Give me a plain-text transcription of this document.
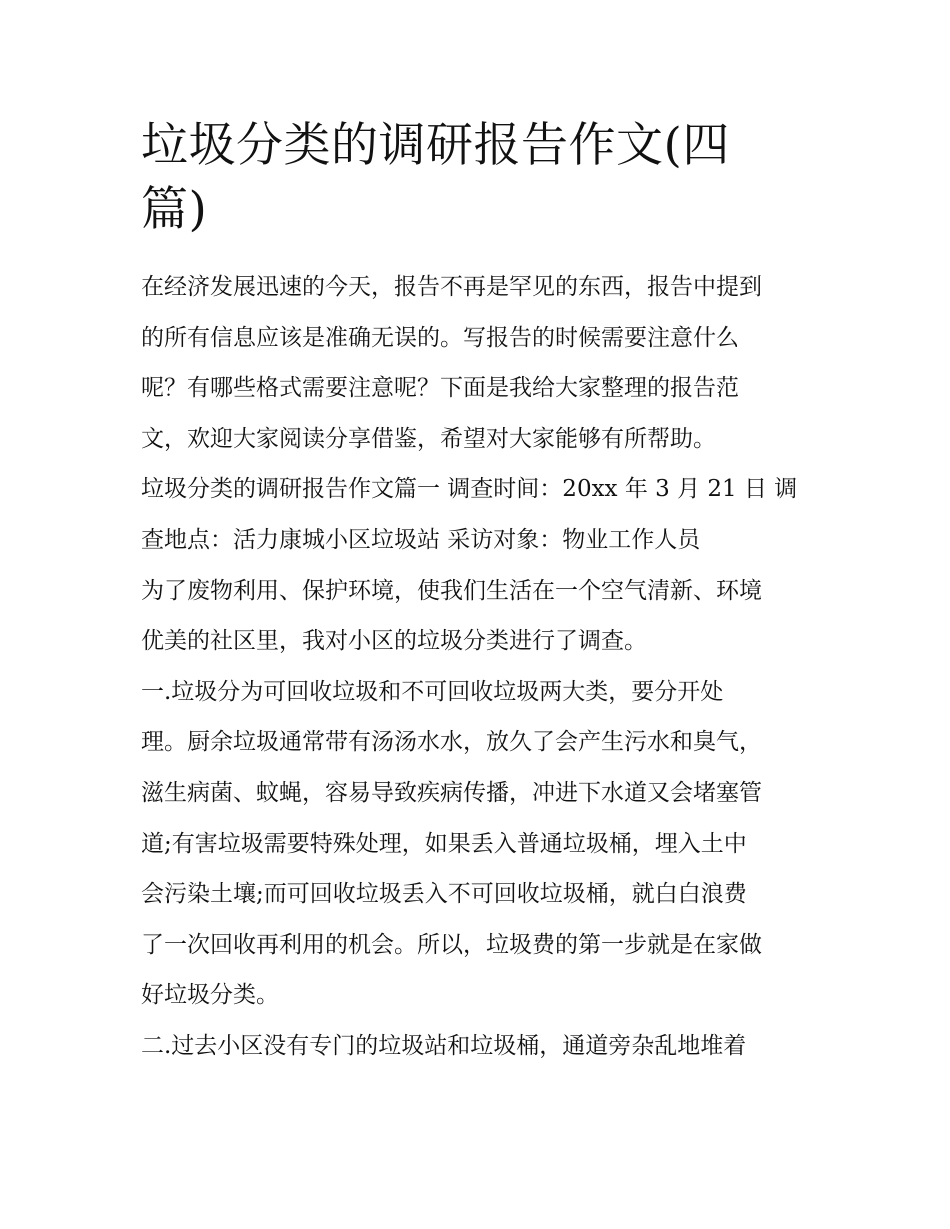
垃圾分类的调研报告作文(四
篇)

在经济发展迅速的今天，报告不再是罕见的东西，报告中提到
的所有信息应该是准确无误的。写报告的时候需要注意什么
呢？有哪些格式需要注意呢？下面是我给大家整理的报告范
文，欢迎大家阅读分享借鉴，希望对大家能够有所帮助。

垃圾分类的调研报告作文篇一 调查时间：20xx 年 3 月 21 日 调
查地点：活力康城小区垃圾站 采访对象：物业工作人员

为了废物利用、保护环境，使我们生活在一个空气清新、环境
优美的社区里，我对小区的垃圾分类进行了调查。

一.垃圾分为可回收垃圾和不可回收垃圾两大类，要分开处
理。厨余垃圾通常带有汤汤水水，放久了会产生污水和臭气，
滋生病菌、蚊蝇，容易导致疾病传播，冲进下水道又会堵塞管
道;有害垃圾需要特殊处理，如果丢入普通垃圾桶，埋入土中
会污染土壤;而可回收垃圾丢入不可回收垃圾桶，就白白浪费
了一次回收再利用的机会。所以，垃圾费的第一步就是在家做
好垃圾分类。

二.过去小区没有专门的垃圾站和垃圾桶，通道旁杂乱地堆着
